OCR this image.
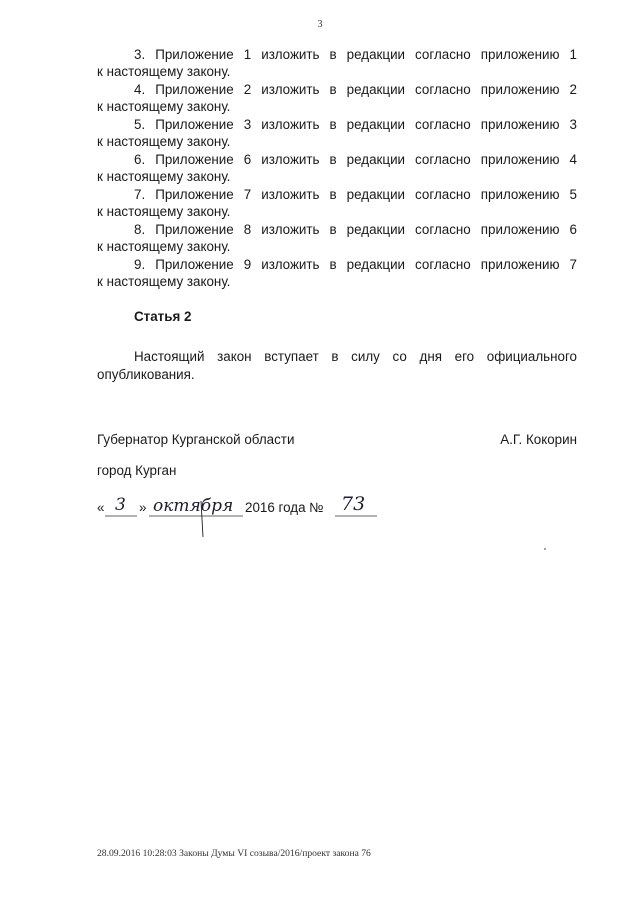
3
3. Приложение 1 изложить в редакции согласно приложению 1
к настоящему закону.
4. Приложение 2 изложить в редакции согласно приложению 2
к настоящему закону.
5. Приложение 3 изложить в редакции согласно приложению 3
к настоящему закону.
6. Приложение 6 изложить в редакции согласно приложению 4
к настоящему закону.
7. Приложение 7 изложить в редакции согласно приложению 5
к настоящему закону.
8. Приложение 8 изложить в редакции согласно приложению 6
к настоящему закону.
9. Приложение 9 изложить в редакции согласно приложению 7
к настоящему закону.
Статья 2
Настоящий закон вступает в силу со дня его официального
опубликования.
Губернатор Курганской области	А.Г. Кокорин
город Курган
« 3 » октября 2016 года № 73
28.09.2016 10:28:03 Законы Думы VI созыва/2016/проект закона 76
